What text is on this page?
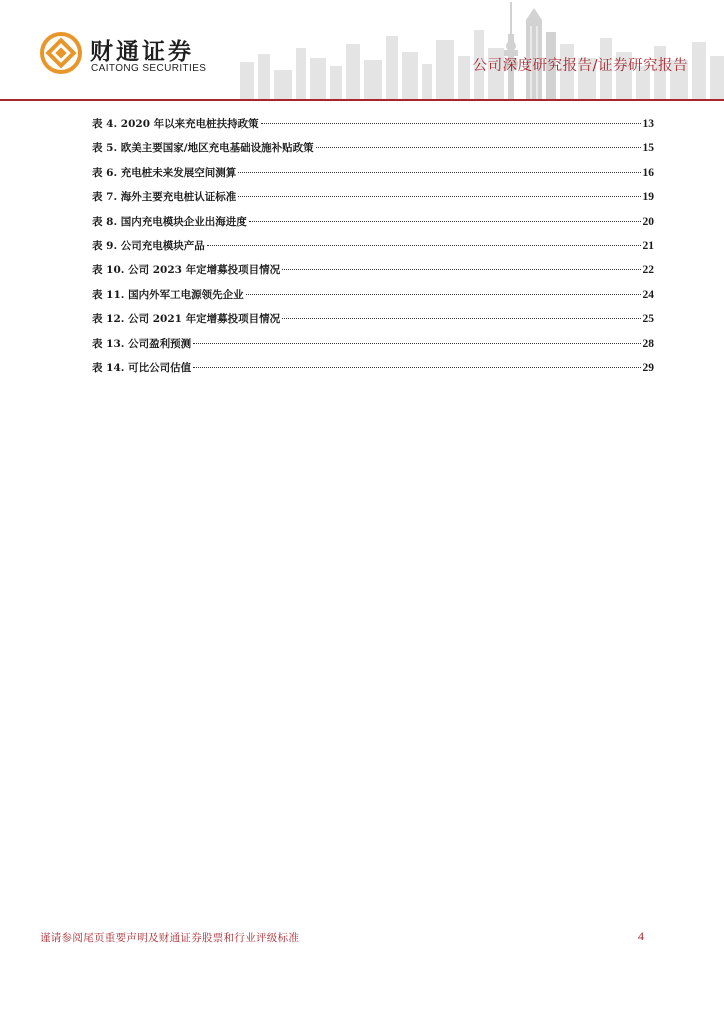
财通证券
CAITONG SECURITIES	公司深度研究报告/证券研究报告
表 4. 2020 年以来充电桩扶持政策	13
表 5. 欧美主要国家/地区充电基础设施补贴政策	15
表 6. 充电桩未来发展空间测算	16
表 7. 海外主要充电桩认证标准	19
表 8. 国内充电模块企业出海进度	20
表 9. 公司充电模块产品	21
表 10. 公司 2023 年定增募投项目情况	22
表 11. 国内外军工电源领先企业	24
表 12. 公司 2021 年定增募投项目情况	25
表 13. 公司盈利预测	28
表 14. 可比公司估值	29
谨请参阅尾页重要声明及财通证券股票和行业评级标准	4
